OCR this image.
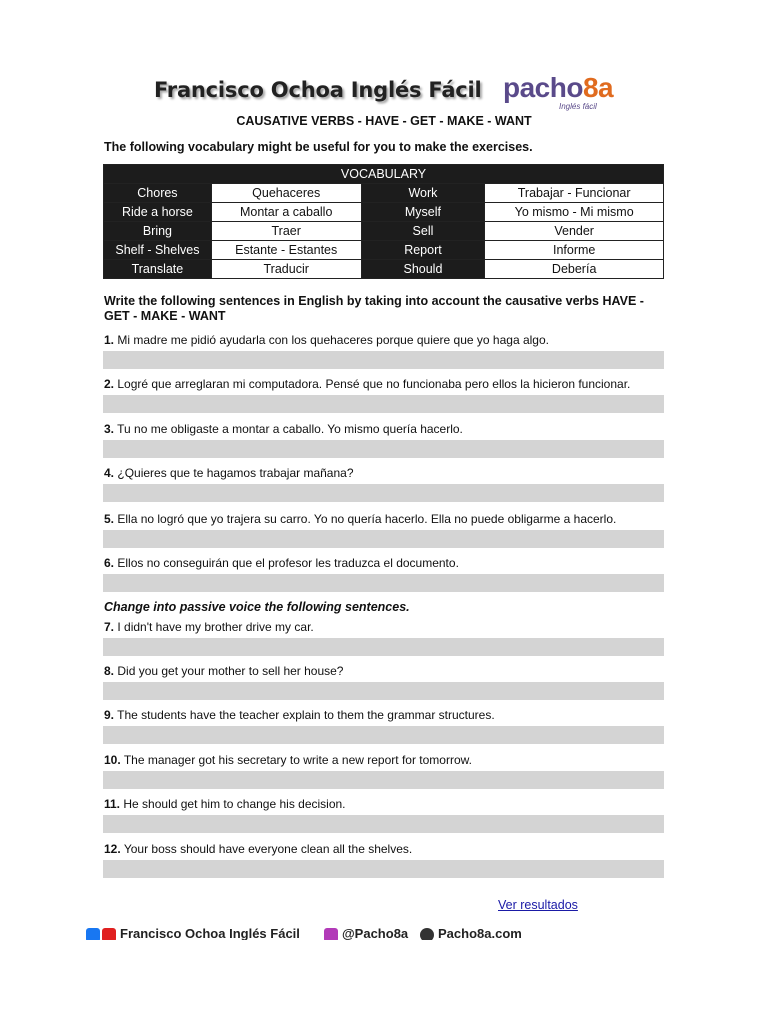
Francisco Ochoa Inglés Fácil pacho8a
Inglés fácil
CAUSATIVE VERBS - HAVE - GET - MAKE - WANT
The following vocabulary might be useful for you to make the exercises.
VOCABULARY			
Chores	Quehaceres	Work	Trabajar - Funcionar
Ride a horse	Montar a caballo	Myself	Yo mismo - Mi mismo
Bring	Traer	Sell	Vender
Shelf - Shelves	Estante - Estantes	Report	Informe
Translate	Traducir	Should	Debería
Write the following sentences in English by taking into account the causative verbs HAVE - GET - MAKE - WANT
1. Mi madre me pidió ayudarla con los quehaceres porque quiere que yo haga algo.
2. Logré que arreglaran mi computadora. Pensé que no funcionaba pero ellos la hicieron funcionar.
3. Tu no me obligaste a montar a caballo. Yo mismo quería hacerlo.
4. ¿Quieres que te hagamos trabajar mañana?
5. Ella no logró que yo trajera su carro. Yo no quería hacerlo. Ella no puede obligarme a hacerlo.
6. Ellos no conseguirán que el profesor les traduzca el documento.
7. I didn't have my brother drive my car.
8. Did you get your mother to sell her house?
9. The students have the teacher explain to them the grammar structures.
10. The manager got his secretary to write a new report for tomorrow.
11. He should get him to change his decision.
12. Your boss should have everyone clean all the shelves.
Change into passive voice the following sentences.
Ver resultados
Francisco Ochoa Inglés Fácil	@Pacho8a Pacho8a.com
